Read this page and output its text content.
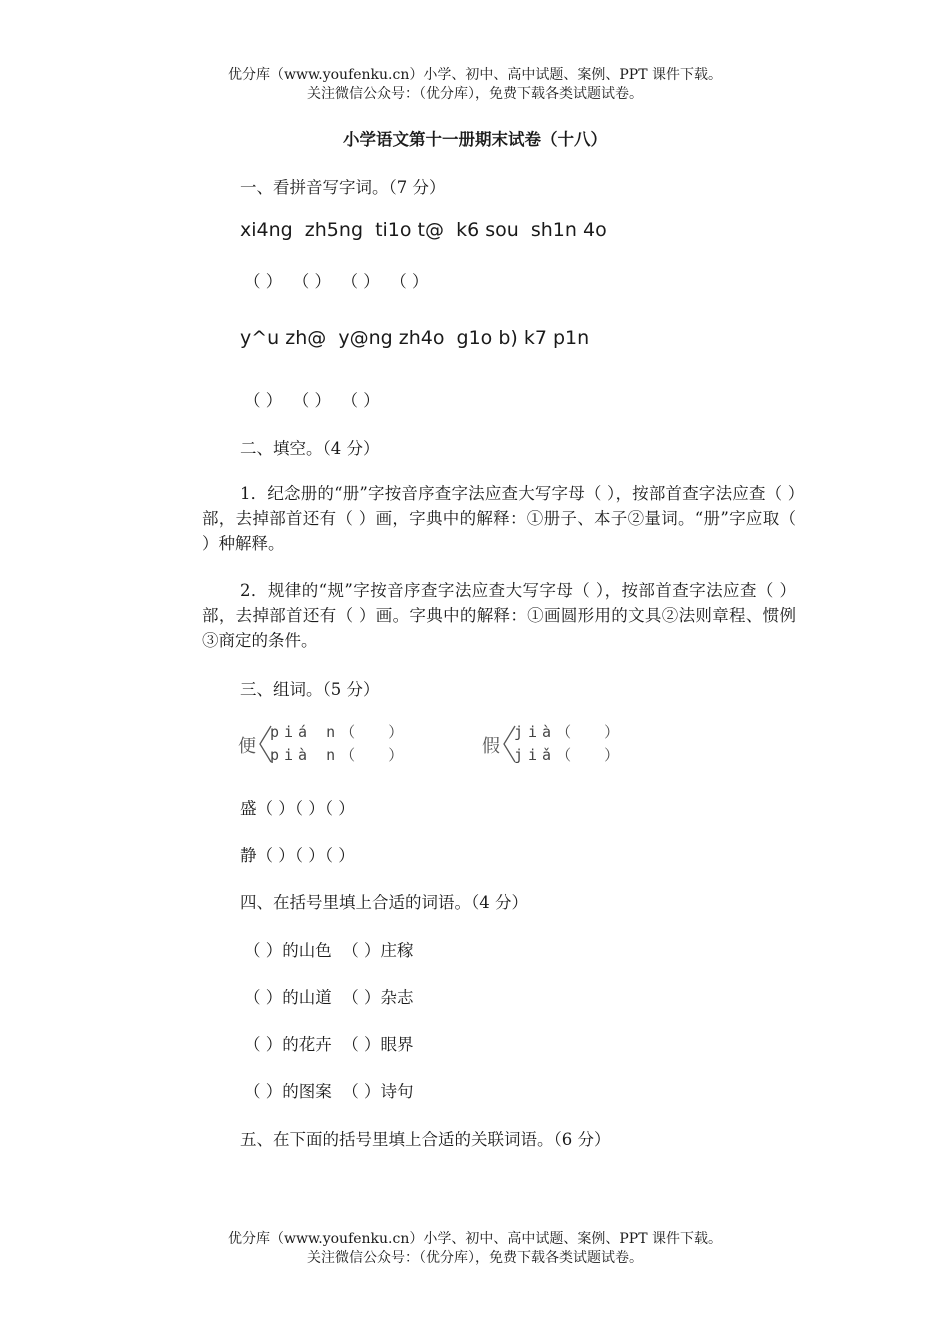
优分库（www.youfenku.cn）小学、初中、高中试题、案例、PPT 课件下载。
关注微信公众号：（优分库），免费下载各类试题试卷。
小学语文第十一册期末试卷（十八）
一、看拼音写字词。（7 分）
xi4ng  zh5ng  ti1o t@  k6 sou  sh1n 4o
（ ）  （ ）  （ ）  （ ）
y^u zh@  y@ng zh4o  g1o b) k7 p1n
（ ）  （ ）  （ ）
二、填空。（4 分）
1．纪念册的“册”字按音序查字法应查大写字母（ ），按部首查字法应查（ ）部，去掉部首还有（ ）画，字典中的解释：①册子、本子②量词。“册”字应取（ ）种解释。
2．规律的“规”字按音序查字法应查大写字母（ ），按部首查字法应查（ ）部，去掉部首还有（ ）画。字典中的解释：①画圆形用的文具②法则章程、惯例③商定的条件。
三、组词。（5 分）
便
piá n（  ）
pià n（  ）	假
jià（  ）
jiǎ（  ）
盛（ ）（ ）（ ）
静（ ）（ ）（ ）
四、在括号里填上合适的词语。（4 分）
（ ）的山色  （ ）庄稼
（ ）的山道  （ ）杂志
（ ）的花卉  （ ）眼界
（ ）的图案  （ ）诗句
五、在下面的括号里填上合适的关联词语。（6 分）
优分库（www.youfenku.cn）小学、初中、高中试题、案例、PPT 课件下载。
关注微信公众号：（优分库），免费下载各类试题试卷。
